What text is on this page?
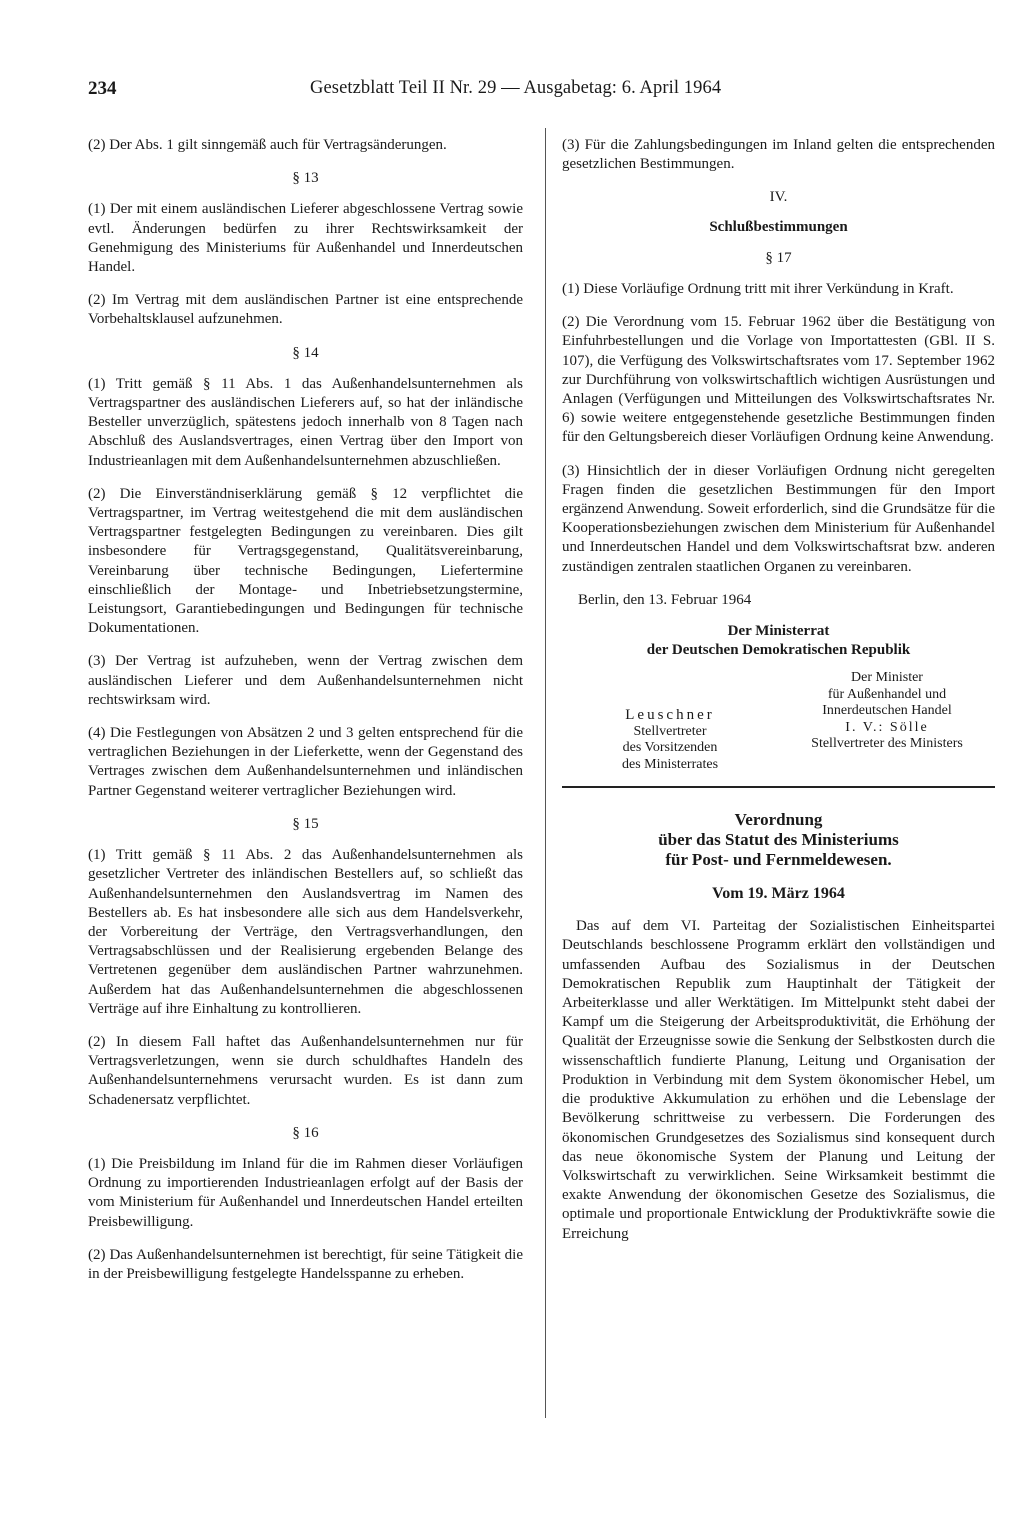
234	Gesetzblatt Teil II Nr. 29 — Ausgabetag: 6. April 1964

(2) Der Abs. 1 gilt sinngemäß auch für Vertragsänderungen.

§ 13

(1) Der mit einem ausländischen Lieferer abgeschlossene Vertrag sowie evtl. Änderungen bedürfen zu ihrer Rechtswirksamkeit der Genehmigung des Ministeriums für Außenhandel und Innerdeutschen Handel.

(2) Im Vertrag mit dem ausländischen Partner ist eine entsprechende Vorbehaltsklausel aufzunehmen.

§ 14

(1) Tritt gemäß § 11 Abs. 1 das Außenhandelsunternehmen als Vertragspartner des ausländischen Lieferers auf, so hat der inländische Besteller unverzüglich, spätestens jedoch innerhalb von 8 Tagen nach Abschluß des Auslandsvertrages, einen Vertrag über den Import von Industrieanlagen mit dem Außenhandelsunternehmen abzuschließen.

(2) Die Einverständniserklärung gemäß § 12 verpflichtet die Vertragspartner, im Vertrag weitestgehend die mit dem ausländischen Vertragspartner festgelegten Bedingungen zu vereinbaren. Dies gilt insbesondere für Vertragsgegenstand, Qualitätsvereinbarung, Vereinbarung über technische Bedingungen, Liefertermine einschließlich der Montage- und Inbetriebsetzungstermine, Leistungsort, Garantiebedingungen und Bedingungen für technische Dokumentationen.

(3) Der Vertrag ist aufzuheben, wenn der Vertrag zwischen dem ausländischen Lieferer und dem Außenhandelsunternehmen nicht rechtswirksam wird.

(4) Die Festlegungen von Absätzen 2 und 3 gelten entsprechend für die vertraglichen Beziehungen in der Lieferkette, wenn der Gegenstand des Vertrages zwischen dem Außenhandelsunternehmen und inländischen Partner Gegenstand weiterer vertraglicher Beziehungen wird.

§ 15

(1) Tritt gemäß § 11 Abs. 2 das Außenhandelsunternehmen als gesetzlicher Vertreter des inländischen Bestellers auf, so schließt das Außenhandelsunternehmen den Auslandsvertrag im Namen des Bestellers ab. Es hat insbesondere alle sich aus dem Handelsverkehr, der Vorbereitung der Verträge, den Vertragsverhandlungen, den Vertragsabschlüssen und der Realisierung ergebenden Belange des Vertretenen gegenüber dem ausländischen Partner wahrzunehmen. Außerdem hat das Außenhandelsunternehmen die abgeschlossenen Verträge auf ihre Einhaltung zu kontrollieren.

(2) In diesem Fall haftet das Außenhandelsunternehmen nur für Vertragsverletzungen, wenn sie durch schuldhaftes Handeln des Außenhandelsunternehmens verursacht wurden. Es ist dann zum Schadenersatz verpflichtet.

§ 16

(1) Die Preisbildung im Inland für die im Rahmen dieser Vorläufigen Ordnung zu importierenden Industrieanlagen erfolgt auf der Basis der vom Ministerium für Außenhandel und Innerdeutschen Handel erteilten Preisbewilligung.

(2) Das Außenhandelsunternehmen ist berechtigt, für seine Tätigkeit die in der Preisbewilligung festgelegte Handelsspanne zu erheben.

(3) Für die Zahlungsbedingungen im Inland gelten die entsprechenden gesetzlichen Bestimmungen.

IV.
Schlußbestimmungen
§ 17

(1) Diese Vorläufige Ordnung tritt mit ihrer Verkündung in Kraft.

(2) Die Verordnung vom 15. Februar 1962 über die Bestätigung von Einfuhrbestellungen und die Vorlage von Importattesten (GBl. II S. 107), die Verfügung des Volkswirtschaftsrates vom 17. September 1962 zur Durchführung von volkswirtschaftlich wichtigen Ausrüstungen und Anlagen (Verfügungen und Mitteilungen des Volkswirtschaftsrates Nr. 6) sowie weitere entgegenstehende gesetzliche Bestimmungen finden für den Geltungsbereich dieser Vorläufigen Ordnung keine Anwendung.

(3) Hinsichtlich der in dieser Vorläufigen Ordnung nicht geregelten Fragen finden die gesetzlichen Bestimmungen für den Import ergänzend Anwendung. Soweit erforderlich, sind die Grundsätze für die Kooperationsbeziehungen zwischen dem Ministerium für Außenhandel und Innerdeutschen Handel und dem Volkswirtschaftsrat bzw. anderen zuständigen zentralen staatlichen Organen zu vereinbaren.

Berlin, den 13. Februar 1964
Der Ministerrat
der Deutschen Demokratischen Republik
Der Minister
für Außenhandel und
Innerdeutschen Handel
I. V.: Sölle
Stellvertreter des Ministers
Leuschner
Stellvertreter
des Vorsitzenden
des Ministerrates
Verordnung
über das Statut des Ministeriums
für Post- und Fernmeldewesen.
Vom 19. März 1964

Das auf dem VI. Parteitag der Sozialistischen Einheitspartei Deutschlands beschlossene Programm erklärt den vollständigen und umfassenden Aufbau des Sozialismus in der Deutschen Demokratischen Republik zum Hauptinhalt der Tätigkeit der Arbeiterklasse und aller Werktätigen. Im Mittelpunkt steht dabei der Kampf um die Steigerung der Arbeitsproduktivität, die Erhöhung der Qualität der Erzeugnisse sowie die Senkung der Selbstkosten durch die wissenschaftlich fundierte Planung, Leitung und Organisation der Produktion in Verbindung mit dem System ökonomischer Hebel, um die produktive Akkumulation zu erhöhen und die Lebenslage der Bevölkerung schrittweise zu verbessern. Die Forderungen des ökonomischen Grundgesetzes des Sozialismus sind konsequent durch das neue ökonomische System der Planung und Leitung der Volkswirtschaft zu verwirklichen. Seine Wirksamkeit bestimmt die exakte Anwendung der ökonomischen Gesetze des Sozialismus, die optimale und proportionale Entwicklung der Produktivkräfte sowie die Erreichung
